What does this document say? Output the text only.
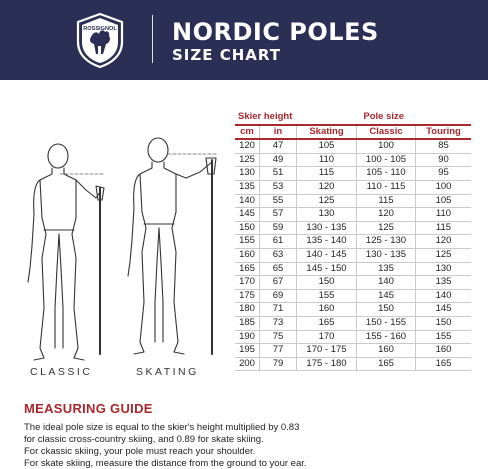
ROSSIGNOL NORDIC POLES
SIZE CHART
CLASSIC	SKATING
Skier height		Pole size		
cm	in	Skating	Classic	Touring
120	47	105	100	85
125	49	110	100 - 105	90
130	51	115	105 - 110	95
135	53	120	110 - 115	100
140	55	125	115	105
145	57	130	120	110
150	59	130 - 135	125	115
155	61	135 - 140	125 - 130	120
160	63	140 - 145	130 - 135	125
165	65	145 - 150	135	130
170	67	150	140	135
175	69	155	145	140
180	71	160	150	145
185	73	165	150 - 155	150
190	75	170	155 - 160	155
195	77	170 - 175	160	160
200	79	175 - 180	165	165
MEASURING GUIDE
The ideal pole size is equal to the skier's height multiplied by 0.83
for classic cross-country skiing, and 0.89 for skate skiing.
For ckassic skiing, your pole must reach your shoulder.
For skate skiing, measure the distance from the ground to your ear.
